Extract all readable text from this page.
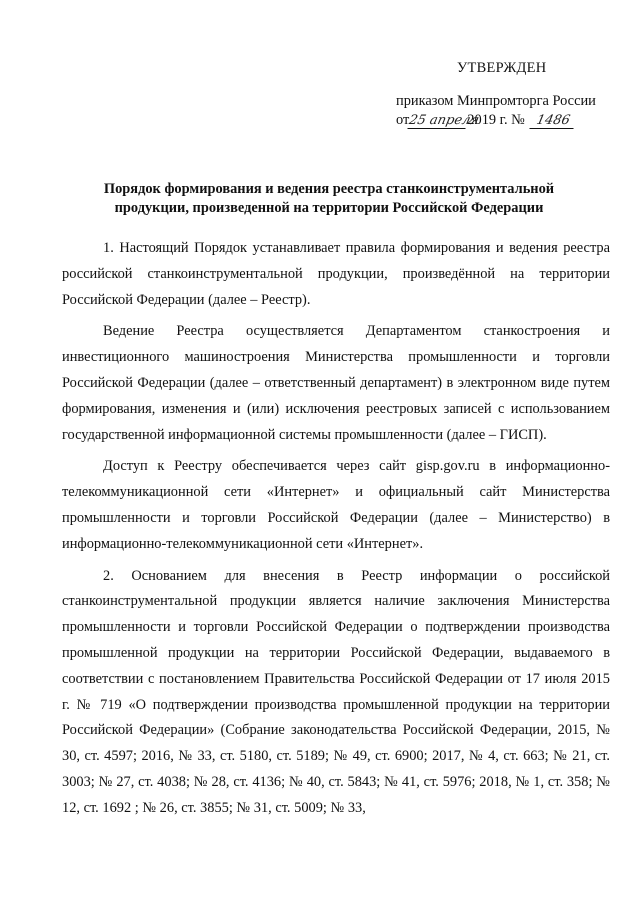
УТВЕРЖДЕН
приказом Минпромторга России
от25 апреля2019 г. № 1486
Порядок формирования и ведения реестра станкоинструментальной
продукции, произведенной на территории Российской Федерации

1. Настоящий Порядок устанавливает правила формирования и ведения реестра российской станкоинструментальной продукции, произведённой на территории Российской Федерации (далее – Реестр).

Ведение Реестра осуществляется Департаментом станкостроения и инвестиционного машиностроения Министерства промышленности и торговли Российской Федерации (далее – ответственный департамент) в электронном виде путем формирования, изменения и (или) исключения реестровых записей с использованием государственной информационной системы промышленности (далее – ГИСП).

Доступ к Реестру обеспечивается через сайт gisp.gov.ru в информационно-телекоммуникационной сети «Интернет» и официальный сайт Министерства промышленности и торговли Российской Федерации (далее – Министерство) в информационно-телекоммуникационной сети «Интернет».

2. Основанием для внесения в Реестр информации о российской станкоинструментальной продукции является наличие заключения Министерства промышленности и торговли Российской Федерации о подтверждении производства промышленной продукции на территории Российской Федерации, выдаваемого в соответствии с постановлением Правительства Российской Федерации от 17 июля 2015 г. № 719 «О подтверждении производства промышленной продукции на территории Российской Федерации» (Собрание законодательства Российской Федерации, 2015, № 30, ст. 4597; 2016, № 33, ст. 5180, ст. 5189; № 49, ст. 6900; 2017, № 4, ст. 663; № 21, ст. 3003; № 27, ст. 4038; № 28, ст. 4136; № 40, ст. 5843; № 41, ст. 5976; 2018, № 1, ст. 358; № 12, ст. 1692 ; № 26, ст. 3855; № 31, ст. 5009; № 33,
